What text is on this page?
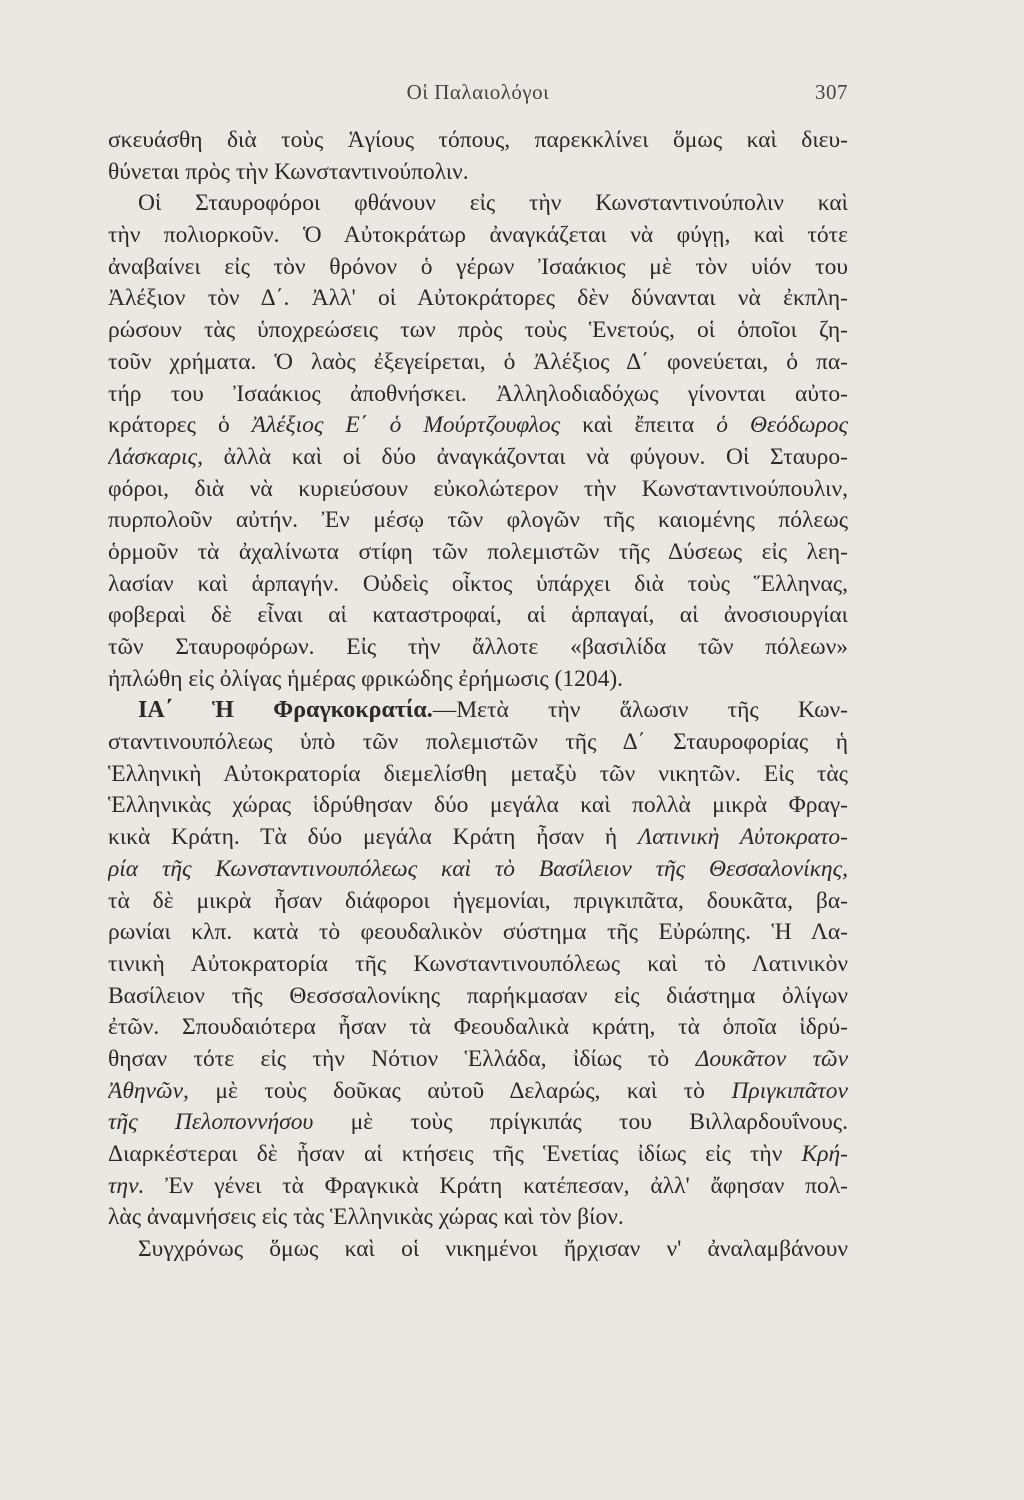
Οἱ Παλαιολόγοι	307
σκευάσθη διὰ τοὺς Ἁγίους τόπους, παρεκκλίνει ὅμως καὶ διευ-
θύνεται πρὸς τὴν Κωνσταντινούπολιν.
Οἱ Σταυροφόροι φθάνουν εἰς τὴν Κωνσταντινούπολιν καὶ
τὴν πολιορκοῦν. Ὁ Αὐτοκράτωρ ἀναγκάζεται νὰ φύγῃ, καὶ τότε
ἀναβαίνει εἰς τὸν θρόνον ὁ γέρων Ἰσαάκιος μὲ τὸν υἱόν του
Ἀλέξιον τὸν Δ΄. Ἀλλ' οἱ Αὐτοκράτορες δὲν δύνανται νὰ ἐκπλη-
ρώσουν τὰς ὑποχρεώσεις των πρὸς τοὺς Ἑνετούς, οἱ ὁποῖοι ζη-
τοῦν χρήματα. Ὁ λαὸς ἐξεγείρεται, ὁ Ἀλέξιος Δ΄ φονεύεται, ὁ πα-
τήρ του Ἰσαάκιος ἀποθνήσκει. Ἀλληλοδιαδόχως γίνονται αὐτο-
κράτορες ὁ Ἀλέξιος Ε΄ ὁ Μούρτζουφλος καὶ ἔπειτα ὁ Θεόδωρος
Λάσκαρις, ἀλλὰ καὶ οἱ δύο ἀναγκάζονται νὰ φύγουν. Οἱ Σταυρο-
φόροι, διὰ νὰ κυριεύσουν εὐκολώτερον τὴν Κωνσταντινούπουλιν,
πυρπολοῦν αὐτήν. Ἐν μέσῳ τῶν φλογῶν τῆς καιομένης πόλεως
ὁρμοῦν τὰ ἀχαλίνωτα στίφη τῶν πολεμιστῶν τῆς Δύσεως εἰς λεη-
λασίαν καὶ ἁρπαγήν. Οὐδεὶς οἶκτος ὑπάρχει διὰ τοὺς Ἕλληνας,
φοβεραὶ δὲ εἶναι αἱ καταστροφαί, αἱ ἁρπαγαί, αἱ ἀνοσιουργίαι
τῶν Σταυροφόρων. Εἰς τὴν ἄλλοτε «βασιλίδα τῶν πόλεων»
ἠπλώθη εἰς ὀλίγας ἡμέρας φρικώδης ἐρήμωσις (1204).
ΙΑ΄ Ἡ Φραγκοκρατία.—Μετὰ τὴν ἅλωσιν τῆς Κων-
σταντινουπόλεως ὑπὸ τῶν πολεμιστῶν τῆς Δ΄ Σταυροφορίας ἡ
Ἑλληνικὴ Αὐτοκρατορία διεμελίσθη μεταξὺ τῶν νικητῶν. Εἰς τὰς
Ἑλληνικὰς χώρας ἱδρύθησαν δύο μεγάλα καὶ πολλὰ μικρὰ Φραγ-
κικὰ Κράτη. Τὰ δύο μεγάλα Κράτη ἦσαν ἡ Λατινικὴ Αὐτοκρατο-
ρία τῆς Κωνσταντινουπόλεως καὶ τὸ Βασίλειον τῆς Θεσσαλονίκης,
τὰ δὲ μικρὰ ἦσαν διάφοροι ἡγεμονίαι, πριγκιπᾶτα, δουκᾶτα, βα-
ρωνίαι κλπ. κατὰ τὸ φεουδαλικὸν σύστημα τῆς Εὐρώπης. Ἡ Λα-
τινικὴ Αὐτοκρατορία τῆς Κωνσταντινουπόλεως καὶ τὸ Λατινικὸν
Βασίλειον τῆς Θεσσσαλονίκης παρήκμασαν εἰς διάστημα ὀλίγων
ἐτῶν. Σπουδαιότερα ἦσαν τὰ Φεουδαλικὰ κράτη, τὰ ὁποῖα ἱδρύ-
θησαν τότε εἰς τὴν Νότιον Ἑλλάδα, ἰδίως τὸ Δουκᾶτον τῶν
Ἀθηνῶν, μὲ τοὺς δοῦκας αὐτοῦ Δελαρώς, καὶ τὸ Πριγκιπᾶτον
τῆς Πελοποννήσου μὲ τοὺς πρίγκιπάς του Βιλλαρδουΐνους.
Διαρκέστεραι δὲ ἦσαν αἱ κτήσεις τῆς Ἑνετίας ἰδίως εἰς τὴν Κρή-
την. Ἐν γένει τὰ Φραγκικὰ Κράτη κατέπεσαν, ἀλλ' ἄφησαν πολ-
λὰς ἀναμνήσεις εἰς τὰς Ἑλληνικὰς χώρας καὶ τὸν βίον.
Συγχρόνως ὅμως καὶ οἱ νικημένοι ἤρχισαν ν' ἀναλαμβάνουν
